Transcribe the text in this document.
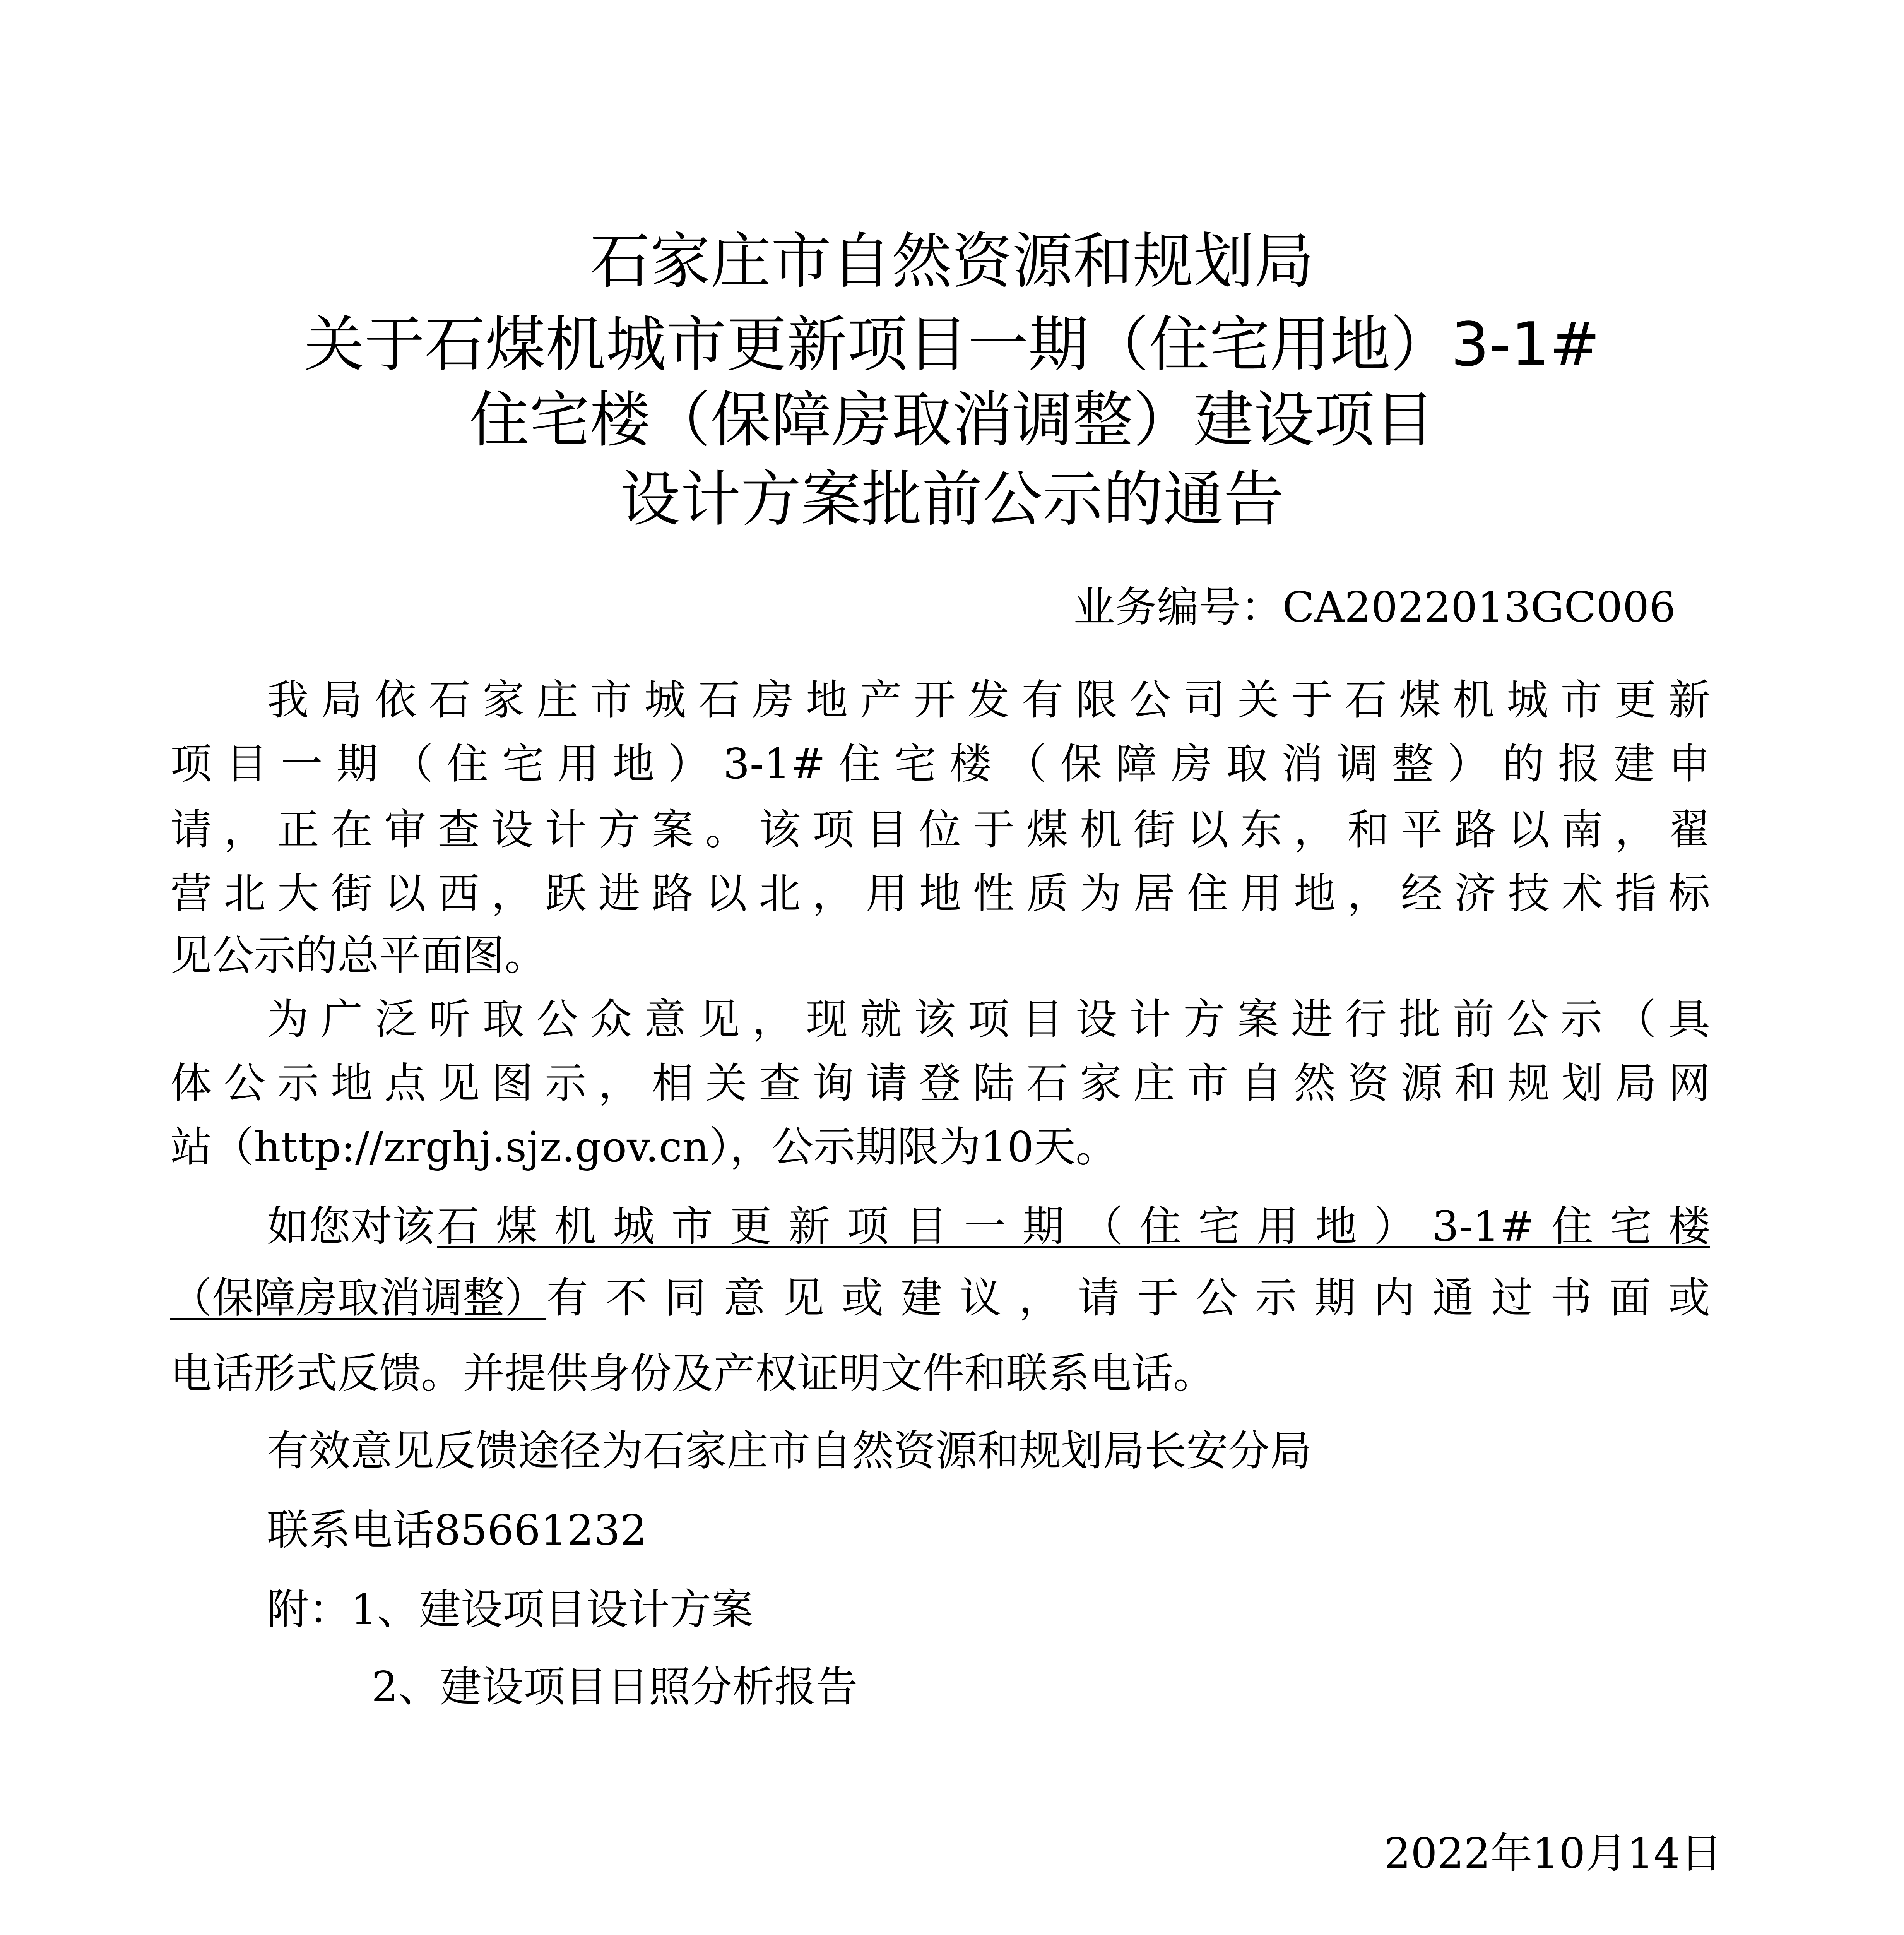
石家庄市自然资源和规划局
关于石煤机城市更新项目一期（住宅用地）3-1#
住宅楼（保障房取消调整）建设项目
设计方案批前公示的通告
业务编号：CA2022013GC006
我局依石家庄市城石房地产开发有限公司关于石煤机城市更新
项目一期（住宅用地）3-1#住宅楼（保障房取消调整）的报建申
请，正在审查设计方案。该项目位于煤机街以东，和平路以南，翟
营北大街以西，跃进路以北，用地性质为居住用地，经济技术指标
见公示的总平面图。
为广泛听取公众意见，现就该项目设计方案进行批前公示（具
体公示地点见图示，相关查询请登陆石家庄市自然资源和规划局网
站（http://zrghj.sjz.gov.cn），公示期限为10天。
如您对该 石煤机城市更新项目一期（住宅用地）3-1#住宅楼
（保障房取消调整） 有不同意见或建议，请于公示期内通过书面或
电话形式反馈。并提供身份及产权证明文件和联系电话。
有效意见反馈途径为石家庄市自然资源和规划局长安分局
联系电话85661232
附：1、建设项目设计方案
2、建设项目日照分析报告
2022年10月14日
